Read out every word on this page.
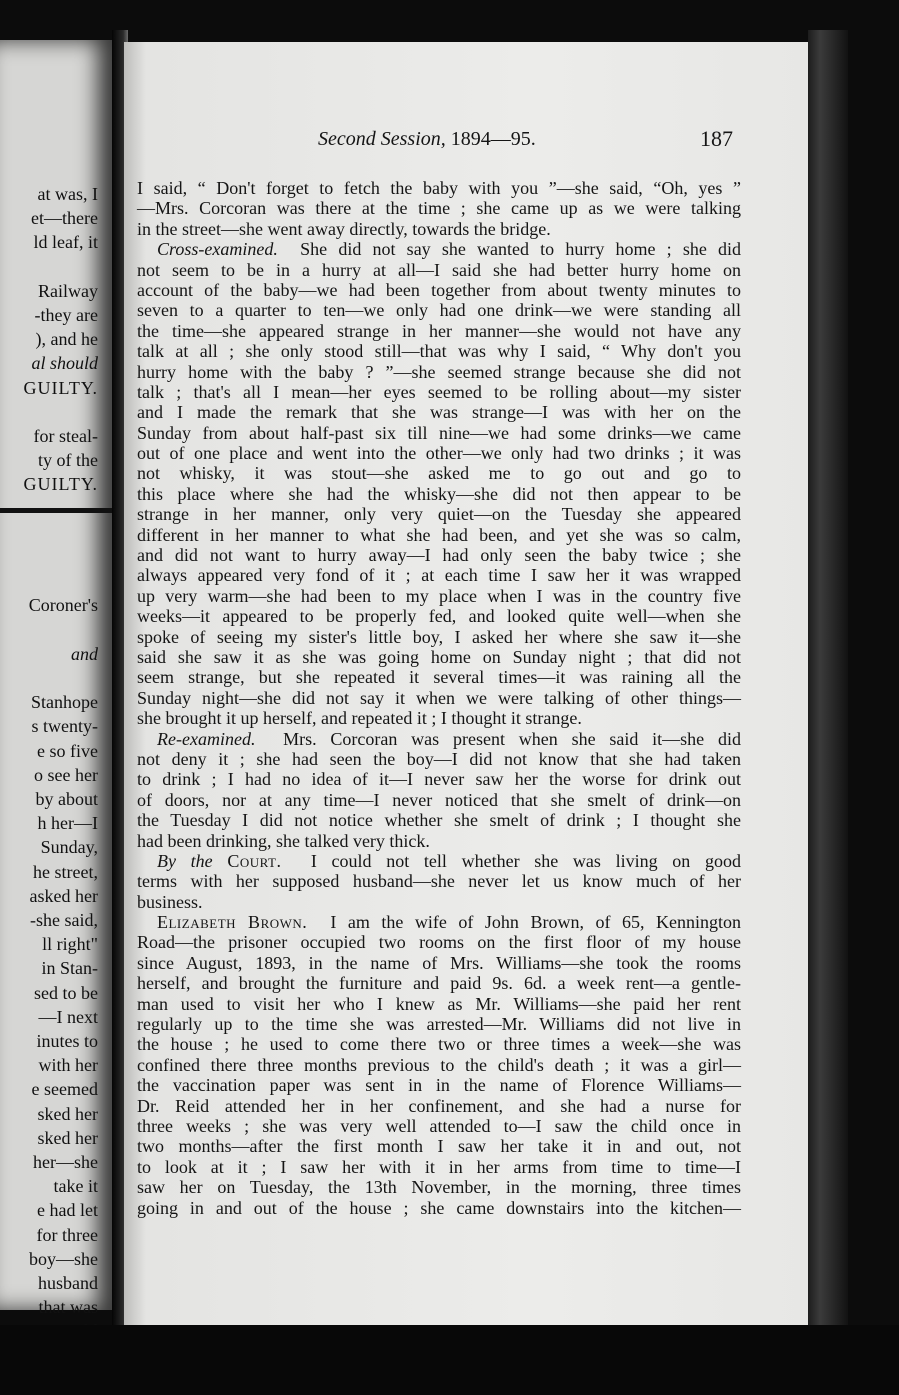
at was, I
et—there
ld leaf, it
Railway
-they are
), and he
al should
GUILTY.
for steal-
ty of the
GUILTY.
Coroner's
and
Stanhope
s twenty-
e so five
o see her
by about
h her—I
Sunday,
he street,
asked her
-she said,
ll right"
in Stan-
sed to be
—I next
inutes to
with her
e seemed
sked her
sked her
her—she
take it
e had let
for three
boy—she
husband
that was
Second Session, 1894—95.	187
I said, “ Don't forget to fetch the baby with you ”—she said, “Oh, yes ”
—Mrs. Corcoran was there at the time ; she came up as we were talking
in the street—she went away directly, towards the bridge.
Cross-examined. She did not say she wanted to hurry home ; she did
not seem to be in a hurry at all—I said she had better hurry home on
account of the baby—we had been together from about twenty minutes to
seven to a quarter to ten—we only had one drink—we were standing all
the time—she appeared strange in her manner—she would not have any
talk at all ; she only stood still—that was why I said, “ Why don't you
hurry home with the baby ? ”—she seemed strange because she did not
talk ; that's all I mean—her eyes seemed to be rolling about—my sister
and I made the remark that she was strange—I was with her on the
Sunday from about half-past six till nine—we had some drinks—we came
out of one place and went into the other—we only had two drinks ; it was
not whisky, it was stout—she asked me to go out and go to
this place where she had the whisky—she did not then appear to be
strange in her manner, only very quiet—on the Tuesday she appeared
different in her manner to what she had been, and yet she was so calm,
and did not want to hurry away—I had only seen the baby twice ; she
always appeared very fond of it ; at each time I saw her it was wrapped
up very warm—she had been to my place when I was in the country five
weeks—it appeared to be properly fed, and looked quite well—when she
spoke of seeing my sister's little boy, I asked her where she saw it—she
said she saw it as she was going home on Sunday night ; that did not
seem strange, but she repeated it several times—it was raining all the
Sunday night—she did not say it when we were talking of other things—
she brought it up herself, and repeated it ; I thought it strange.
Re-examined. Mrs. Corcoran was present when she said it—she did
not deny it ; she had seen the boy—I did not know that she had taken
to drink ; I had no idea of it—I never saw her the worse for drink out
of doors, nor at any time—I never noticed that she smelt of drink—on
the Tuesday I did not notice whether she smelt of drink ; I thought she
had been drinking, she talked very thick.
By the Court. I could not tell whether she was living on good
terms with her supposed husband—she never let us know much of her
business.
Elizabeth Brown. I am the wife of John Brown, of 65, Kennington
Road—the prisoner occupied two rooms on the first floor of my house
since August, 1893, in the name of Mrs. Williams—she took the rooms
herself, and brought the furniture and paid 9s. 6d. a week rent—a gentle-
man used to visit her who I knew as Mr. Williams—she paid her rent
regularly up to the time she was arrested—Mr. Williams did not live in
the house ; he used to come there two or three times a week—she was
confined there three months previous to the child's death ; it was a girl—
the vaccination paper was sent in in the name of Florence Williams—
Dr. Reid attended her in her confinement, and she had a nurse for
three weeks ; she was very well attended to—I saw the child once in
two months—after the first month I saw her take it in and out, not
to look at it ; I saw her with it in her arms from time to time—I
saw her on Tuesday, the 13th November, in the morning, three times
going in and out of the house ; she came downstairs into the kitchen—
